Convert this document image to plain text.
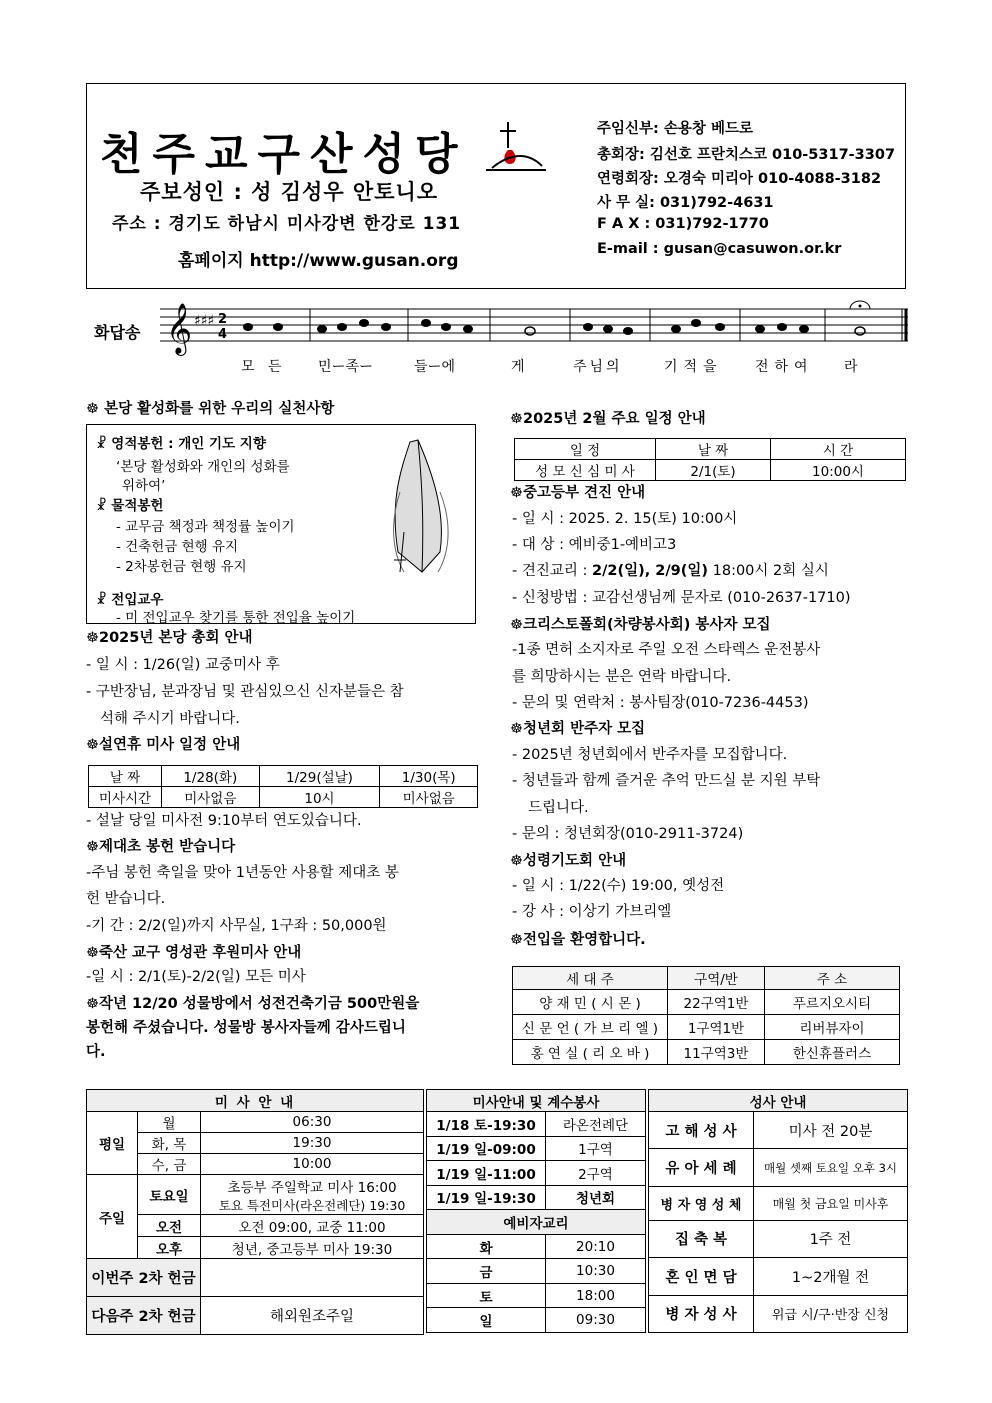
천주교구산성당
주보성인 : 성 김성우 안토니오
주소 : 경기도 하남시 미사강변 한강로 131
홈페이지 http://www.gusan.org
주임신부: 손용창 베드로
총회장: 김선호 프란치스코 010-5317-3307
연령회장: 오경숙 미리아 010-4088-3182
사 무 실: 031)792-4631
F A X : 031)792-1770
E-mail : gusan@casuwon.or.kr
화답송 𝄞 ♯♯♯ 2
4
모 든	민ー족ー	들ー에	게	주님의	기적을 전하여 라
☸ 본당 활성화를 위한 우리의 실천사항
☧ 영적봉헌 : 개인 기도 지향
‘본당 활성화와 개인의 성화를
위하여’
☧ 물적봉헌
- 교무금 책정과 책정률 높이기
- 건축헌금 현행 유지
- 2차봉헌금 현행 유지
☧ 전입교우
- 미 전입교우 찾기를 통한 전입율 높이기
☸2025년 본당 총회 안내
- 일 시 : 1/26(일) 교중미사 후
- 구반장님, 분과장님 및 관심있으신 신자분들은 참
석해 주시기 바랍니다.
☸설연휴 미사 일정 안내
날 짜	1/28(화)	1/29(설날)	1/30(목)
미사시간	미사없음	10시	미사없음
- 설날 당일 미사전 9:10부터 연도있습니다.
☸제대초 봉헌 받습니다
-주님 봉헌 축일을 맞아 1년동안 사용할 제대초 봉
헌 받습니다.
-기 간 : 2/2(일)까지 사무실, 1구좌 : 50,000원
☸죽산 교구 영성관 후원미사 안내
-일 시 : 2/1(토)-2/2(일) 모든 미사
☸작년 12/20 성물방에서 성전건축기금 500만원을
봉헌해 주셨습니다. 성물방 봉사자들께 감사드립니
다.
☸2025년 2월 주요 일정 안내
일 정	날 짜	시 간
성 모 신 심 미 사	2/1(토)	10:00시
☸중고등부 견진 안내
- 일 시 : 2025. 2. 15(토) 10:00시
- 대 상 : 예비중1-예비고3
- 견진교리 : 2/2(일), 2/9(일) 18:00시 2회 실시
- 신청방법 : 교감선생님께 문자로 (010-2637-1710)
☸크리스토폴회(차량봉사회) 봉사자 모집
-1종 면허 소지자로 주일 오전 스타렉스 운전봉사
를 희망하시는 분은 연락 바랍니다.
- 문의 및 연락처 : 봉사팀장(010-7236-4453)
☸청년회 반주자 모집
- 2025년 청년회에서 반주자를 모집합니다.
- 청년들과 함께 즐거운 추억 만드실 분 지원 부탁
드립니다.
- 문의 : 청년회장(010-2911-3724)
☸성령기도회 안내
- 일 시 : 1/22(수) 19:00, 옛성전
- 강 사 : 이상기 가브리엘
☸전입을 환영합니다.
세 대 주	구역/반	주 소
양 재 민 ( 시 몬 )	22구역1반	푸르지오시티
신 문 언 ( 가 브 리 엘 )	1구역1반	리버뷰자이
홍 연 실 ( 리 오 바 )	11구역3반	한신휴플러스
미 사 안 내		
평일	월	06:30
	화, 목	19:30
	수, 금	10:00
주일	토요일	초등부 주일학교 미사 16:00
토요 특전미사(라온전례단) 19:30

	오전	오전 09:00, 교중 11:00
	오후	청년, 중고등부 미사 19:30
이번주 2차 헌금		
다음주 2차 헌금		해외원조주일
미사안내 및 계수봉사	
1/18 토-19:30	라온전례단
1/19 일-09:00	1구역
1/19 일-11:00	2구역
1/19 일-19:30	청년회
예비자교리	
화	20:10
금	10:30
토	18:00
일	09:30
성사 안내	
고 해 성 사	미사 전 20분
유 아 세 례	매월 셋째 토요일 오후 3시
병 자 영 성 체	매월 첫 금요일 미사후
집 축 복	1주 전
혼 인 면 담	1~2개월 전
병 자 성 사	위급 시/구·반장 신청
